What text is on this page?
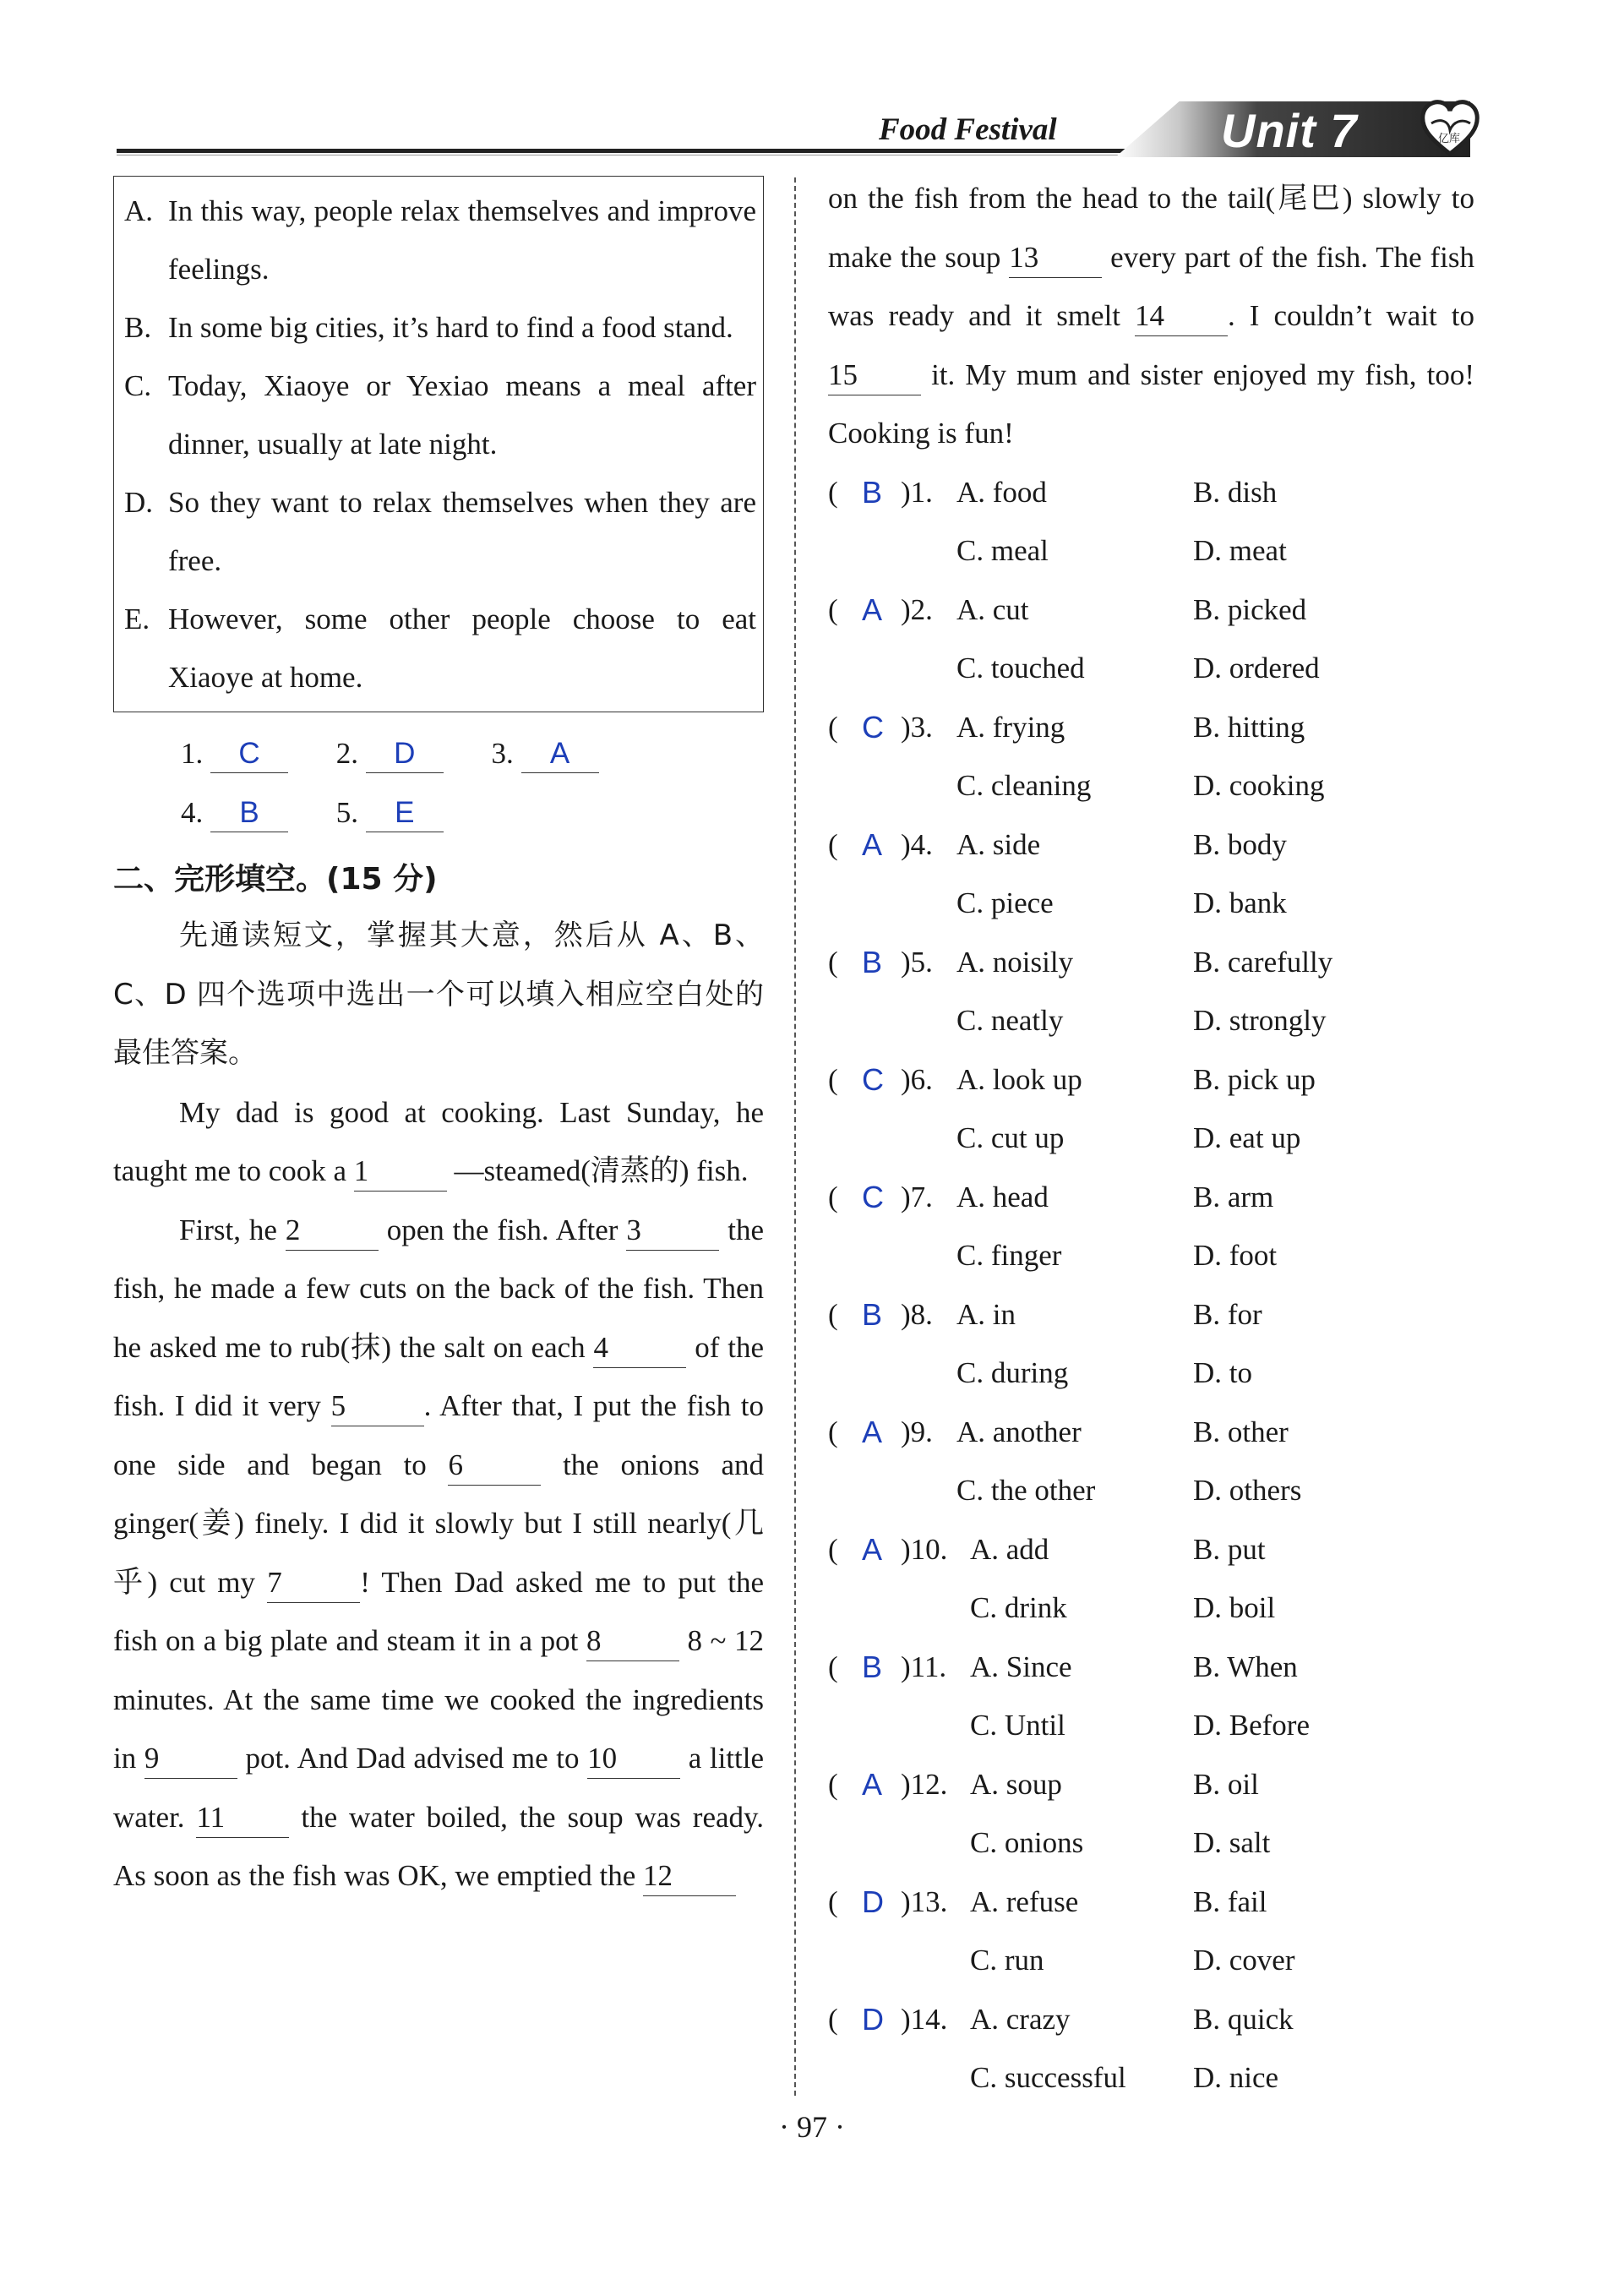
Food Festival	Unit 7	亿库
A. In this way, people relax themselves and improve feelings.
B. In some big cities, it’s hard to find a food stand.
C. Today, Xiaoye or Yexiao means a meal after dinner, usually at late night.
D. So they want to relax themselves when they are free.
E. However, some other people choose to eat Xiaoye at home.
1. C	2. D	3. A
4. B	5. E
二、完形填空。(15 分)
先通读短文，掌握其大意，然后从 A、B、C、D 四个选项中选出一个可以填入相应空白处的最佳答案。
My dad is good at cooking. Last Sunday, he taught me to cook a 1	—steamed(清蒸的) fish.
First, he 2	open the fish. After 3	the fish, he made a few cuts on the back of the fish. Then he asked me to rub(抹) the salt on each 4	of the fish. I did it very 5	. After that, I put the fish to one side and began to 6	the onions and ginger(姜) finely. I did it slowly but I still nearly(几乎) cut my 7	! Then Dad asked me to put the fish on a big plate and steam it in a pot 8	8 ~ 12 minutes. At the same time we cooked the ingredients in 9	pot. And Dad advised me to 10 a little water. 11	the water boiled, the soup was ready. As soon as the fish was OK, we emptied the 12
on the fish from the head to the tail(尾巴) slowly to make the soup 13 every part of the fish. The fish was ready and it smelt 14 . I couldn’t wait to 15 it. My mum and sister enjoyed my fish, too! Cooking is fun!
( B )1. A. food	B. dish
C. meal	D. meat
( A )2. A. cut	B. picked
C. touched	D. ordered
( C )3. A. frying	B. hitting
C. cleaning	D. cooking
( A )4. A. side	B. body
C. piece	D. bank
( B )5. A. noisily	B. carefully
C. neatly	D. strongly
( C )6. A. look up	B. pick up
C. cut up	D. eat up
( C )7. A. head	B. arm
C. finger	D. foot
( B )8. A. in	B. for
C. during	D. to
( A )9. A. another	B. other
C. the other	D. others
( A )10. A. add	B. put
C. drink	D. boil
( B )11. A. Since	B. When
C. Until	D. Before
( A )12. A. soup	B. oil
C. onions	D. salt
( D )13. A. refuse	B. fail
C. run	D. cover
( D )14. A. crazy	B. quick
C. successful D. nice
· 97 ·
